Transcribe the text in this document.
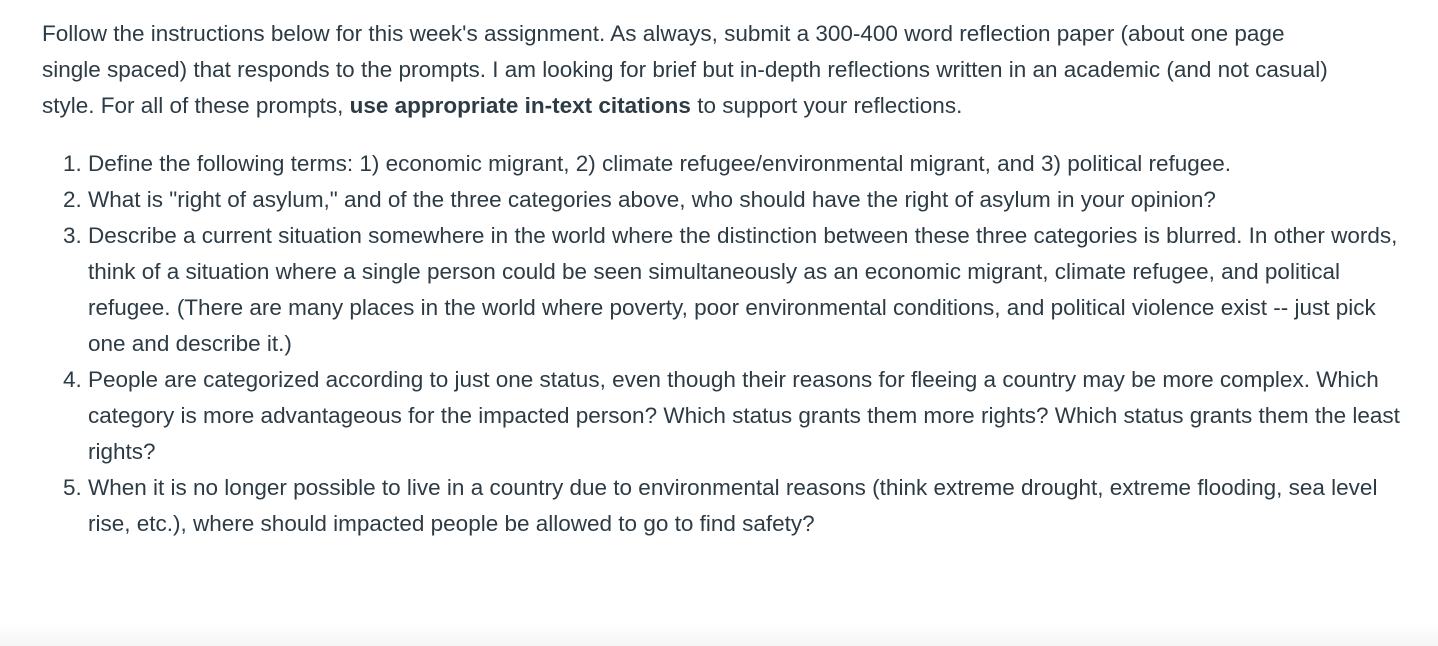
Follow the instructions below for this week's assignment. As always, submit a 300-400 word reflection paper (about one page single spaced) that responds to the prompts. I am looking for brief but in-depth reflections written in an academic (and not casual) style. For all of these prompts, use appropriate in-text citations to support your reflections.

1. Define the following terms: 1) economic migrant, 2) climate refugee/environmental migrant, and 3) political refugee.
2. What is "right of asylum," and of the three categories above, who should have the right of asylum in your opinion?
3. Describe a current situation somewhere in the world where the distinction between these three categories is blurred. In other words, think of a situation where a single person could be seen simultaneously as an economic migrant, climate refugee, and political refugee. (There are many places in the world where poverty, poor environmental conditions, and political violence exist -- just pick one and describe it.)
4. People are categorized according to just one status, even though their reasons for fleeing a country may be more complex. Which category is more advantageous for the impacted person? Which status grants them more rights? Which status grants them the least rights?
5. When it is no longer possible to live in a country due to environmental reasons (think extreme drought, extreme flooding, sea level rise, etc.), where should impacted people be allowed to go to find safety?
